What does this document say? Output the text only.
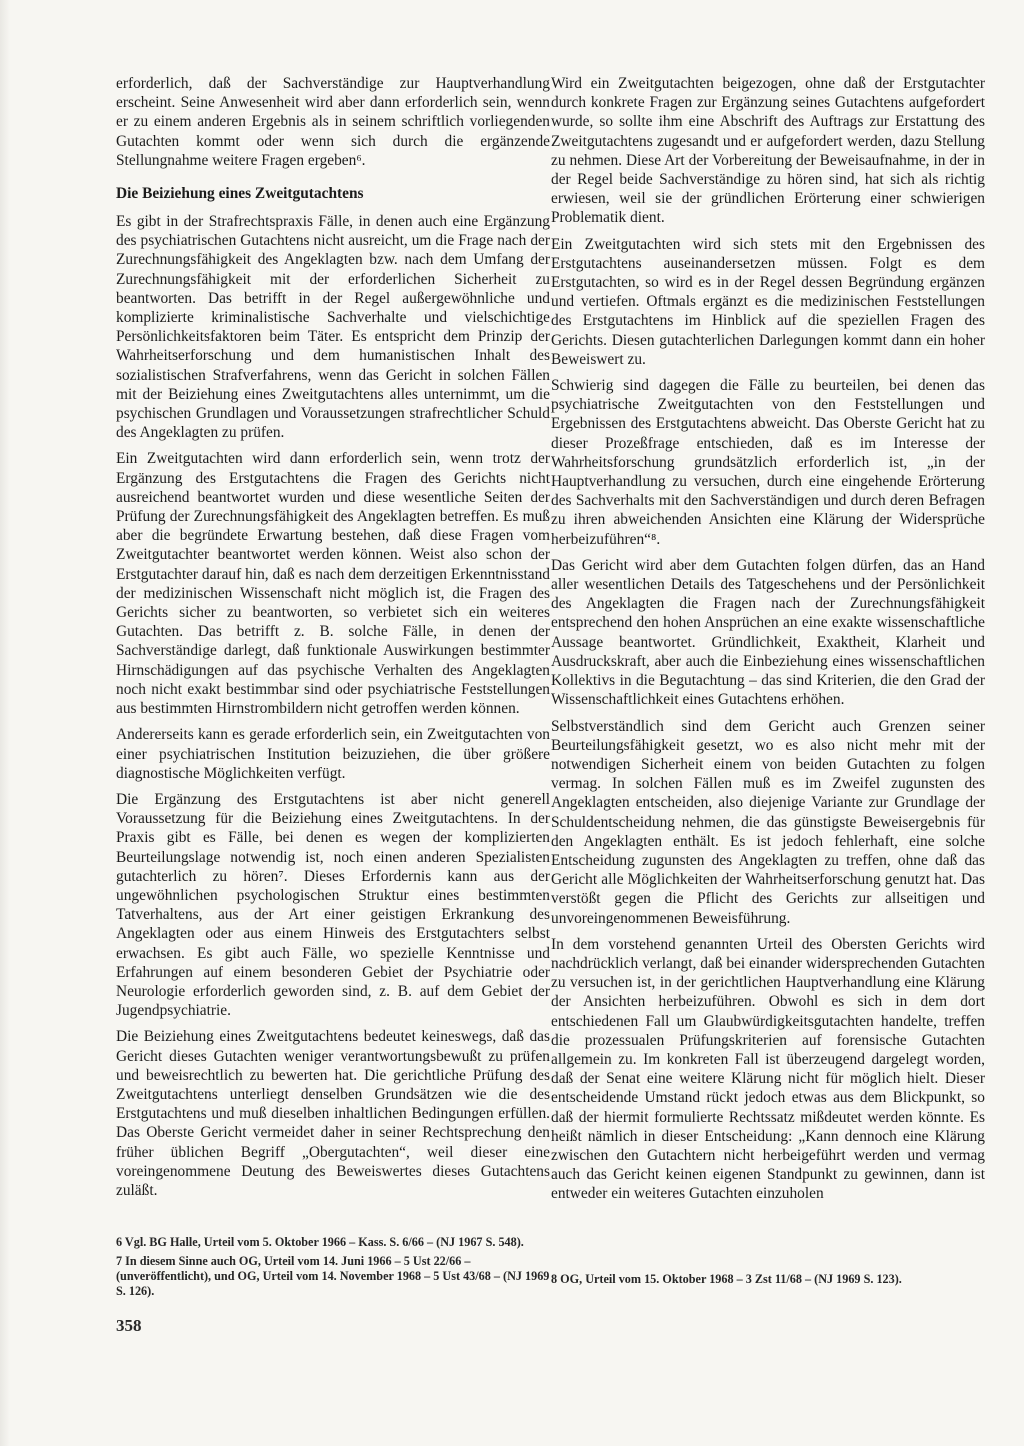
erforderlich, daß der Sachverständige zur Hauptverhandlung erscheint. Seine Anwesenheit wird aber dann erforderlich sein, wenn er zu einem anderen Ergebnis als in seinem schriftlich vorliegenden Gutachten kommt oder wenn sich durch die ergänzende Stellungnahme weitere Fragen ergeben⁶.

Die Beiziehung eines Zweitgutachtens

Es gibt in der Strafrechtspraxis Fälle, in denen auch eine Ergänzung des psychiatrischen Gutachtens nicht ausreicht, um die Frage nach der Zurechnungsfähigkeit des Angeklagten bzw. nach dem Umfang der Zurechnungsfähigkeit mit der erforderlichen Sicherheit zu beantworten. Das betrifft in der Regel außergewöhnliche und komplizierte kriminalistische Sachverhalte und vielschichtige Persönlichkeitsfaktoren beim Täter. Es entspricht dem Prinzip der Wahrheitserforschung und dem humanistischen Inhalt des sozialistischen Strafverfahrens, wenn das Gericht in solchen Fällen mit der Beiziehung eines Zweitgutachtens alles unternimmt, um die psychischen Grundlagen und Voraussetzungen strafrechtlicher Schuld des Angeklagten zu prüfen.

Ein Zweitgutachten wird dann erforderlich sein, wenn trotz der Ergänzung des Erstgutachtens die Fragen des Gerichts nicht ausreichend beantwortet wurden und diese wesentliche Seiten der Prüfung der Zurechnungsfähigkeit des Angeklagten betreffen. Es muß aber die begründete Erwartung bestehen, daß diese Fragen vom Zweitgutachter beantwortet werden können. Weist also schon der Erstgutachter darauf hin, daß es nach dem derzeitigen Erkenntnisstand der medizinischen Wissenschaft nicht möglich ist, die Fragen des Gerichts sicher zu beantworten, so verbietet sich ein weiteres Gutachten. Das betrifft z. B. solche Fälle, in denen der Sachverständige darlegt, daß funktionale Auswirkungen bestimmter Hirnschädigungen auf das psychische Verhalten des Angeklagten noch nicht exakt bestimmbar sind oder psychiatrische Feststellungen aus bestimmten Hirnstrombildern nicht getroffen werden können.

Andererseits kann es gerade erforderlich sein, ein Zweitgutachten von einer psychiatrischen Institution beizuziehen, die über größere diagnostische Möglichkeiten verfügt.

Die Ergänzung des Erstgutachtens ist aber nicht generell Voraussetzung für die Beiziehung eines Zweitgutachtens. In der Praxis gibt es Fälle, bei denen es wegen der komplizierten Beurteilungslage notwendig ist, noch einen anderen Spezialisten gutachterlich zu hören⁷. Dieses Erfordernis kann aus der ungewöhnlichen psychologischen Struktur eines bestimmten Tatverhaltens, aus der Art einer geistigen Erkrankung des Angeklagten oder aus einem Hinweis des Erstgutachters selbst erwachsen. Es gibt auch Fälle, wo spezielle Kenntnisse und Erfahrungen auf einem besonderen Gebiet der Psychiatrie oder Neurologie erforderlich geworden sind, z. B. auf dem Gebiet der Jugendpsychiatrie.

Die Beiziehung eines Zweitgutachtens bedeutet keineswegs, daß das Gericht dieses Gutachten weniger verantwortungsbewußt zu prüfen und beweisrechtlich zu bewerten hat. Die gerichtliche Prüfung des Zweitgutachtens unterliegt denselben Grundsätzen wie die des Erstgutachtens und muß dieselben inhaltlichen Bedingungen erfüllen. Das Oberste Gericht vermeidet daher in seiner Rechtsprechung den früher üblichen Begriff „Obergutachten“, weil dieser eine voreingenommene Deutung des Beweiswertes dieses Gutachtens zuläßt.

Wird ein Zweitgutachten beigezogen, ohne daß der Erstgutachter durch konkrete Fragen zur Ergänzung seines Gutachtens aufgefordert wurde, so sollte ihm eine Abschrift des Auftrags zur Erstattung des Zweitgutachtens zugesandt und er aufgefordert werden, dazu Stellung zu nehmen. Diese Art der Vorbereitung der Beweisaufnahme, in der in der Regel beide Sachverständige zu hören sind, hat sich als richtig erwiesen, weil sie der gründlichen Erörterung einer schwierigen Problematik dient.

Ein Zweitgutachten wird sich stets mit den Ergebnissen des Erstgutachtens auseinandersetzen müssen. Folgt es dem Erstgutachten, so wird es in der Regel dessen Begründung ergänzen und vertiefen. Oftmals ergänzt es die medizinischen Feststellungen des Erstgutachtens im Hinblick auf die speziellen Fragen des Gerichts. Diesen gutachterlichen Darlegungen kommt dann ein hoher Beweiswert zu.

Schwierig sind dagegen die Fälle zu beurteilen, bei denen das psychiatrische Zweitgutachten von den Feststellungen und Ergebnissen des Erstgutachtens abweicht. Das Oberste Gericht hat zu dieser Prozeßfrage entschieden, daß es im Interesse der Wahrheitsforschung grundsätzlich erforderlich ist, „in der Hauptverhandlung zu versuchen, durch eine eingehende Erörterung des Sachverhalts mit den Sachverständigen und durch deren Befragen zu ihren abweichenden Ansichten eine Klärung der Widersprüche herbeizuführen“⁸.

Das Gericht wird aber dem Gutachten folgen dürfen, das an Hand aller wesentlichen Details des Tatgeschehens und der Persönlichkeit des Angeklagten die Fragen nach der Zurechnungsfähigkeit entsprechend den hohen Ansprüchen an eine exakte wissenschaftliche Aussage beantwortet. Gründlichkeit, Exaktheit, Klarheit und Ausdruckskraft, aber auch die Einbeziehung eines wissenschaftlichen Kollektivs in die Begutachtung – das sind Kriterien, die den Grad der Wissenschaftlichkeit eines Gutachtens erhöhen.

Selbstverständlich sind dem Gericht auch Grenzen seiner Beurteilungsfähigkeit gesetzt, wo es also nicht mehr mit der notwendigen Sicherheit einem von beiden Gutachten zu folgen vermag. In solchen Fällen muß es im Zweifel zugunsten des Angeklagten entscheiden, also diejenige Variante zur Grundlage der Schuldentscheidung nehmen, die das günstigste Beweisergebnis für den Angeklagten enthält. Es ist jedoch fehlerhaft, eine solche Entscheidung zugunsten des Angeklagten zu treffen, ohne daß das Gericht alle Möglichkeiten der Wahrheitserforschung genutzt hat. Das verstößt gegen die Pflicht des Gerichts zur allseitigen und unvoreingenommenen Beweisführung.

In dem vorstehend genannten Urteil des Obersten Gerichts wird nachdrücklich verlangt, daß bei einander widersprechenden Gutachten zu versuchen ist, in der gerichtlichen Hauptverhandlung eine Klärung der Ansichten herbeizuführen. Obwohl es sich in dem dort entschiedenen Fall um Glaubwürdigkeitsgutachten handelte, treffen die prozessualen Prüfungskriterien auf forensische Gutachten allgemein zu. Im konkreten Fall ist überzeugend dargelegt worden, daß der Senat eine weitere Klärung nicht für möglich hielt. Dieser entscheidende Umstand rückt jedoch etwas aus dem Blickpunkt, so daß der hiermit formulierte Rechtssatz mißdeutet werden könnte. Es heißt nämlich in dieser Entscheidung: „Kann dennoch eine Klärung zwischen den Gutachtern nicht herbeigeführt werden und vermag auch das Gericht keinen eigenen Standpunkt zu gewinnen, dann ist entweder ein weiteres Gutachten einzuholen

6 Vgl. BG Halle, Urteil vom 5. Oktober 1966 – Kass. S. 6/66 – (NJ 1967 S. 548).

7 In diesem Sinne auch OG, Urteil vom 14. Juni 1966 – 5 Ust 22/66 – (unveröffentlicht), und OG, Urteil vom 14. November 1968 – 5 Ust 43/68 – (NJ 1969 S. 126).

8 OG, Urteil vom 15. Oktober 1968 – 3 Zst 11/68 – (NJ 1969 S. 123).

358
